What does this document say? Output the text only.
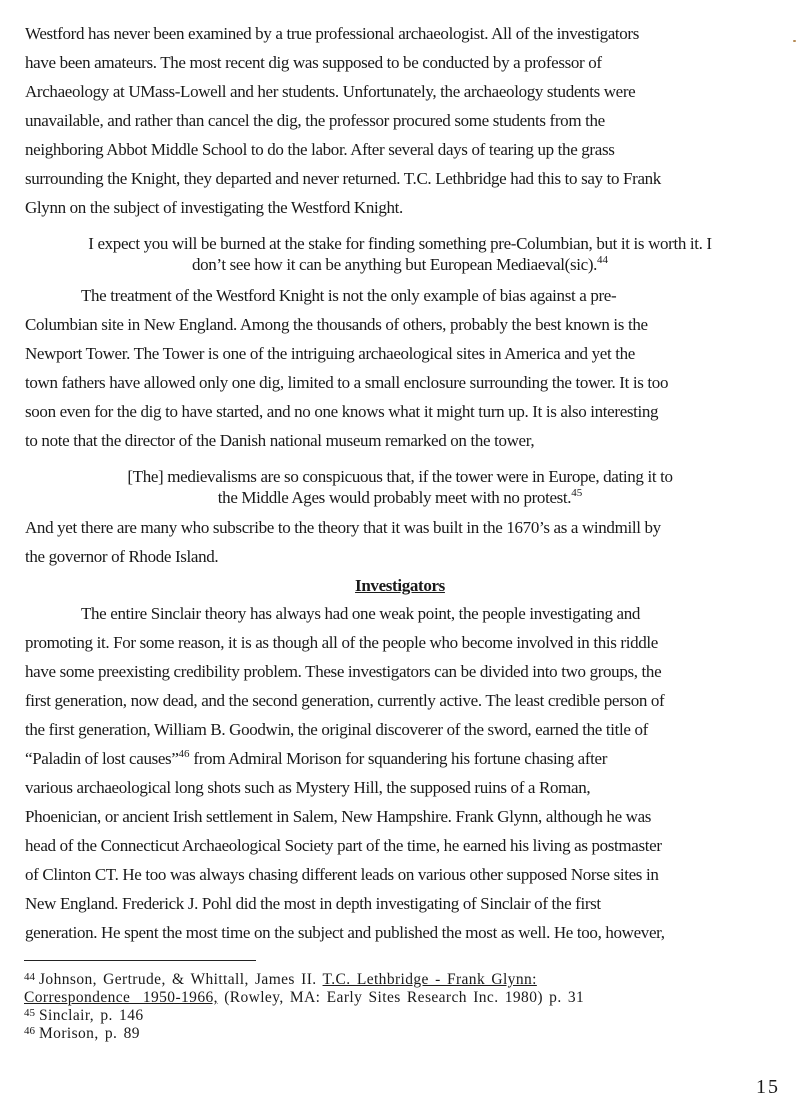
Westford has never been examined by a true professional archaeologist. All of the investigators
have been amateurs. The most recent dig was supposed to be conducted by a professor of
Archaeology at UMass-Lowell and her students. Unfortunately, the archaeology students were
unavailable, and rather than cancel the dig, the professor procured some students from the
neighboring Abbot Middle School to do the labor. After several days of tearing up the grass
surrounding the Knight, they departed and never returned. T.C. Lethbridge had this to say to Frank
Glynn on the subject of investigating the Westford Knight.
I expect you will be burned at the stake for finding something pre-Columbian, but it is worth it. I
don’t see how it can be anything but European Mediaeval(sic).$^{44}$
The treatment of the Westford Knight is not the only example of bias against a pre-
Columbian site in New England. Among the thousands of others, probably the best known is the
Newport Tower. The Tower is one of the intriguing archaeological sites in America and yet the
town fathers have allowed only one dig, limited to a small enclosure surrounding the tower. It is too
soon even for the dig to have started, and no one knows what it might turn up. It is also interesting
to note that the director of the Danish national museum remarked on the tower,
[The] medievalisms are so conspicuous that, if the tower were in Europe, dating it to
the Middle Ages would probably meet with no protest.$^{45}$
And yet there are many who subscribe to the theory that it was built in the 1670’s as a windmill by
the governor of Rhode Island.
Investigators
The entire Sinclair theory has always had one weak point, the people investigating and
promoting it. For some reason, it is as though all of the people who become involved in this riddle
have some preexisting credibility problem. These investigators can be divided into two groups, the
first generation, now dead, and the second generation, currently active. The least credible person of
the first generation, William B. Goodwin, the original discoverer of the sword, earned the title of
“Paladin of lost causes”$^{46}$ from Admiral Morison for squandering his fortune chasing after
various archaeological long shots such as Mystery Hill, the supposed ruins of a Roman,
Phoenician, or ancient Irish settlement in Salem, New Hampshire. Frank Glynn, although he was
head of the Connecticut Archaeological Society part of the time, he earned his living as postmaster
of Clinton CT. He too was always chasing different leads on various other supposed Norse sites in
New England. Frederick J. Pohl did the most in depth investigating of Sinclair of the first
generation. He spent the most time on the subject and published the most as well. He too, however,
$^{44}$ Johnson, Gertrude, & Whittall, James II. T.C. Lethbridge - Frank Glynn:
Correspondence  1950-1966, (Rowley, MA: Early Sites Research Inc. 1980) p. 31
$^{45}$ Sinclair, p. 146
$^{46}$ Morison, p. 89
15
